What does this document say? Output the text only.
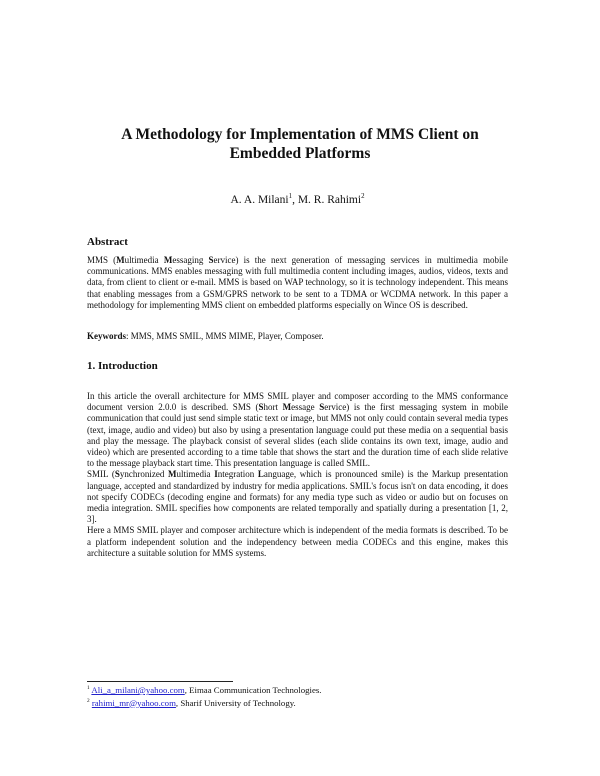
A Methodology for Implementation of MMS Client on Embedded Platforms
A. A. Milani$^1$, M. R. Rahimi$^2$
Abstract

MMS (Multimedia Messaging Service) is the next generation of messaging services in multimedia mobile communications. MMS enables messaging with full multimedia content including images, audios, videos, texts and data, from client to client or e-mail. MMS is based on WAP technology, so it is technology independent. This means that enabling messages from a GSM/GPRS network to be sent to a TDMA or WCDMA network. In this paper a methodology for implementing MMS client on embedded platforms especially on Wince OS is described.

Keywords: MMS, MMS SMIL, MMS MIME, Player, Composer.

1. Introduction

In this article the overall architecture for MMS SMIL player and composer according to the MMS conformance document version 2.0.0 is described. SMS (Short Message Service) is the first messaging system in mobile communication that could just send simple static text or image, but MMS not only could contain several media types (text, image, audio and video) but also by using a presentation language could put these media on a sequential basis and play the message. The playback consist of several slides (each slide contains its own text, image, audio and video) which are presented according to a time table that shows the start and the duration time of each slide relative to the message playback start time. This presentation language is called SMIL.

SMIL (Synchronized Multimedia Integration Language, which is pronounced smile) is the Markup presentation language, accepted and standardized by industry for media applications. SMIL's focus isn't on data encoding, it does not specify CODECs (decoding engine and formats) for any media type such as video or audio but on focuses on media integration. SMIL specifies how components are related temporally and spatially during a presentation [1, 2, 3].

Here a MMS SMIL player and composer architecture which is independent of the media formats is described. To be a platform independent solution and the independency between media CODECs and this engine, makes this architecture a suitable solution for MMS systems.

$^1$ Ali_a_milani@yahoo.com, Eimaa Communication Technologies.
$^2$ rahimi_mr@yahoo.com, Sharif University of Technology.
